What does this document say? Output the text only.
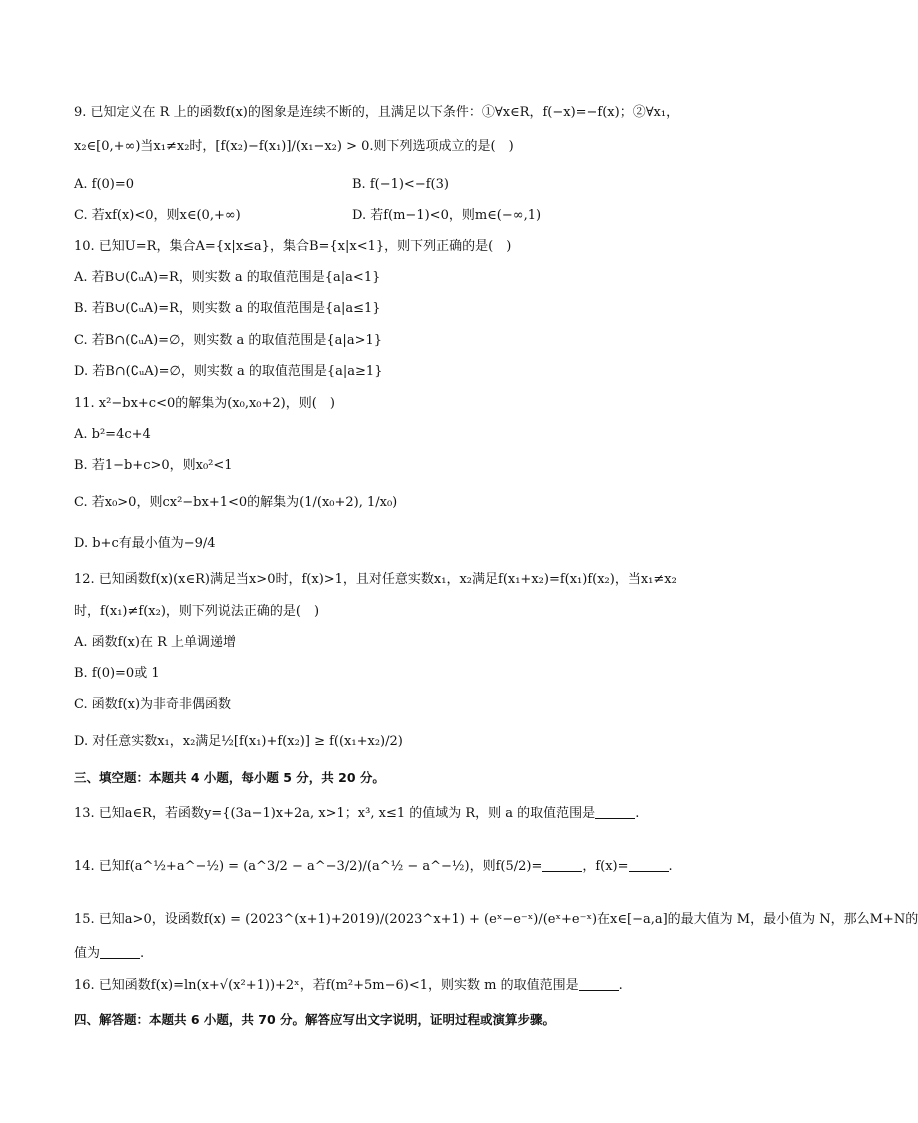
9. 已知定义在 R 上的函数f(x)的图象是连续不断的，且满足以下条件：①∀x∈R，f(−x)=−f(x)；②∀x₁，
x₂∈[0,+∞)当x₁≠x₂时，[f(x₂)−f(x₁)]/(x₁−x₂) > 0.则下列选项成立的是(　)
A. f(0)=0	B. f(−1)<−f(3)
C. 若xf(x)<0，则x∈(0,+∞)	D. 若f(m−1)<0，则m∈(−∞,1)
10. 已知U=R，集合A={x|x≤a}，集合B={x|x<1}，则下列正确的是(　)
A. 若B∪(∁ᵤA)=R，则实数 a 的取值范围是{a|a<1}
B. 若B∪(∁ᵤA)=R，则实数 a 的取值范围是{a|a≤1}
C. 若B∩(∁ᵤA)=∅，则实数 a 的取值范围是{a|a>1}
D. 若B∩(∁ᵤA)=∅，则实数 a 的取值范围是{a|a≥1}
11. x²−bx+c<0的解集为(x₀,x₀+2)，则(　)
A. b²=4c+4
B. 若1−b+c>0，则x₀²<1
C. 若x₀>0，则cx²−bx+1<0的解集为(1/(x₀+2), 1/x₀)
D. b+c有最小值为−9/4
12. 已知函数f(x)(x∈R)满足当x>0时，f(x)>1，且对任意实数x₁，x₂满足f(x₁+x₂)=f(x₁)f(x₂)，当x₁≠x₂
时，f(x₁)≠f(x₂)，则下列说法正确的是(　)
A. 函数f(x)在 R 上单调递增
B. f(0)=0或 1
C. 函数f(x)为非奇非偶函数
D. 对任意实数x₁，x₂满足½[f(x₁)+f(x₂)] ≥ f((x₁+x₂)/2)
三、填空题：本题共 4 小题，每小题 5 分，共 20 分。
13. 已知a∈R，若函数y={(3a−1)x+2a, x>1；x³, x≤1 的值域为 R，则 a 的取值范围是	.
14. 已知f(a^½+a^−½) = (a^3/2 − a^−3/2)/(a^½ − a^−½)，则f(5/2)=	，f(x)=	.
15. 已知a>0，设函数f(x) = (2023^(x+1)+2019)/(2023^x+1) + (eˣ−e⁻ˣ)/(eˣ+e⁻ˣ)在x∈[−a,a]的最大值为 M，最小值为 N，那么M+N的
值为	.
16. 已知函数f(x)=ln(x+√(x²+1))+2ˣ，若f(m²+5m−6)<1，则实数 m 的取值范围是	.
四、解答题：本题共 6 小题，共 70 分。解答应写出文字说明，证明过程或演算步骤。
